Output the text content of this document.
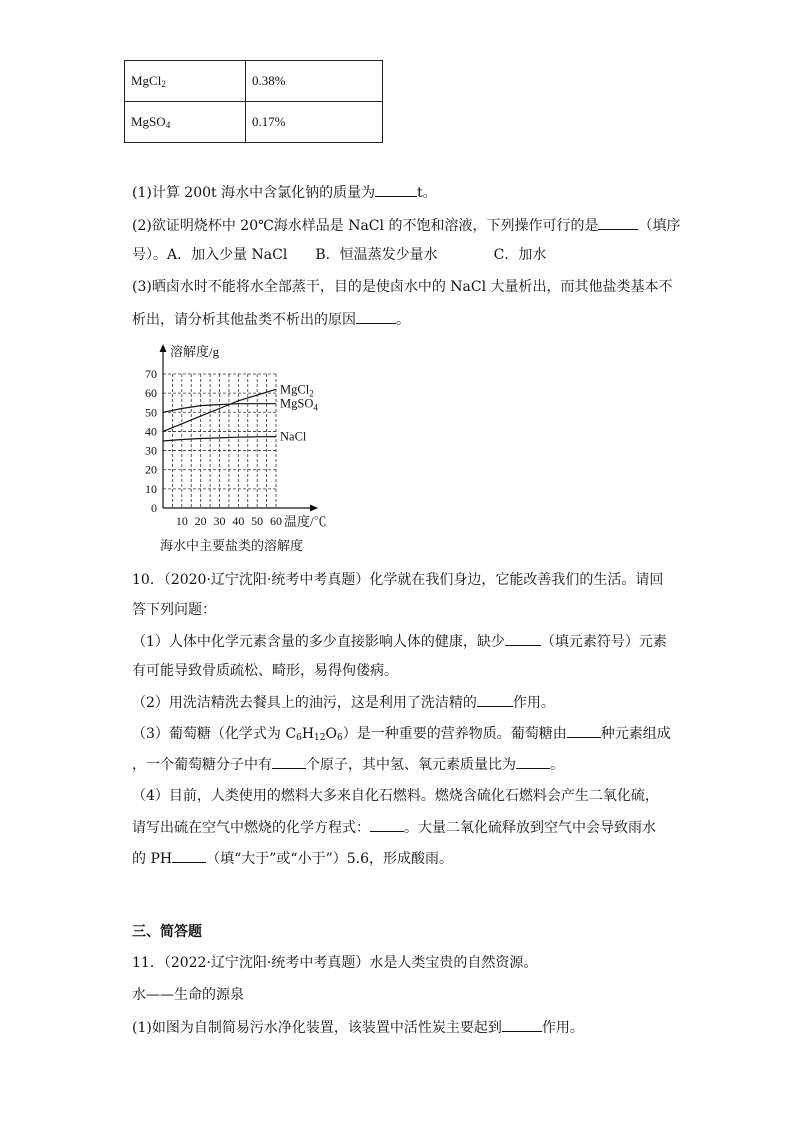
MgCl$_2$	0.38%
MgSO$_4$	0.17%
(1)计算 200t 海水中含氯化钠的质量为	t。
(2)欲证明烧杯中 20℃海水样品是 NaCl 的不饱和溶液，下列操作可行的是	（填序
号）。A．加入少量 NaCl　　B．恒温蒸发少量水　　　　C．加水
(3)晒卤水时不能将水全部蒸干，目的是使卤水中的 NaCl 大量析出，而其他盐类基本不
析出，请分析其他盐类不析出的原因	。
溶解度/g
温度/℃
0
10
20
30
40
50
60
70
10 20 30 40 50 60
MgCl$_2$
MgSO$_4$
NaCl
海水中主要盐类的溶解度
10．（2020·辽宁沈阳·统考中考真题）化学就在我们身边，它能改善我们的生活。请回
答下列问题：
（1）人体中化学元素含量的多少直接影响人体的健康，缺少	（填元素符号）元素
有可能导致骨质疏松、畸形，易得佝偻病。
（2）用洗洁精洗去餐具上的油污，这是利用了洗洁精的	作用。
（3）葡萄糖（化学式为 $C_6H_{12}O_6$）是一种重要的营养物质。葡萄糖由 种元素组成
，一个葡萄糖分子中有 个原子，其中氢、氧元素质量比为 。
（4）目前，人类使用的燃料大多来自化石燃料。燃烧含硫化石燃料会产生二氧化硫，
请写出硫在空气中燃烧的化学方程式： 。大量二氧化硫释放到空气中会导致雨水
的 PH （填“大于”或“小于”）5.6，形成酸雨。
三、简答题
11．（2022·辽宁沈阳·统考中考真题）水是人类宝贵的自然资源。
水——生命的源泉
(1)如图为自制简易污水净化装置，该装置中活性炭主要起到	作用。
